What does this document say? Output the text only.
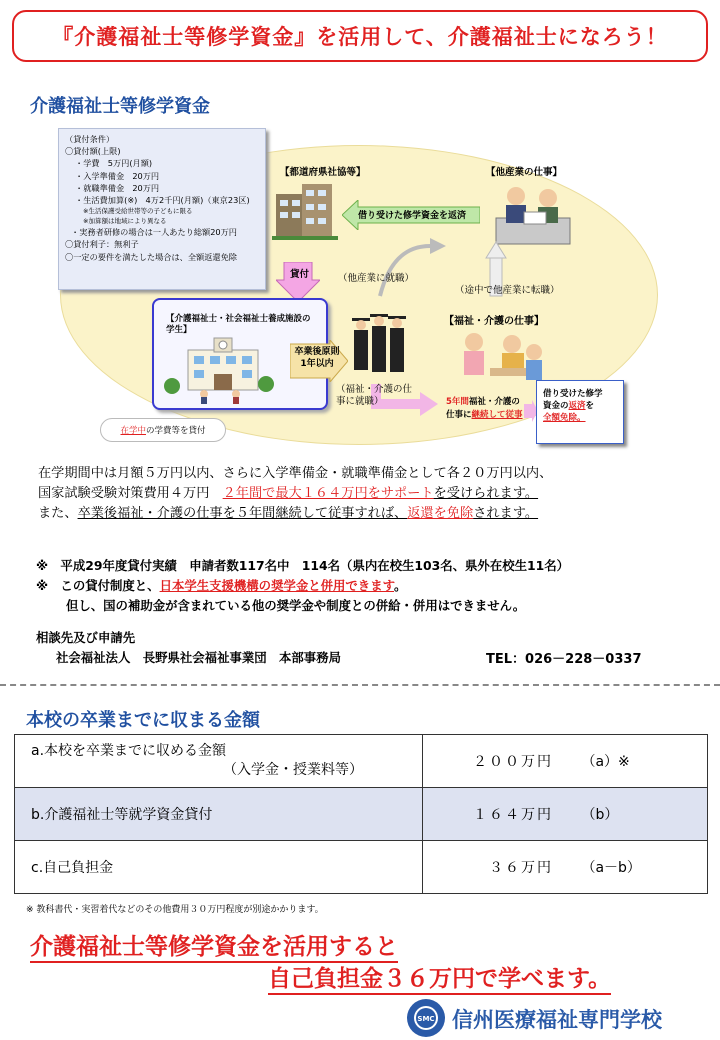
『介護福祉士等修学資金』を活用して、介護福祉士になろう！
介護福祉士等修学資金
（貸付条件）
〇貸付額(上限)
・学費　5万円(月額)
・入学準備金　20万円
・就職準備金　20万円
・生活費加算(※)　4万2千円(月額)（東京23区)
※生活保護受給世帯等の子どもに限る
※加算額は地域により異なる
・実務者研修の場合は一人あたり総額20万円
〇貸付利子：無利子
〇一定の要件を満たした場合は、全額返還免除
【都道府県社協等】
借り受けた修学資金を返済
【他産業の仕事】
貸付	（他産業に就職）
（途中で他産業に転職）
【介護福祉士・社会福祉士養成施設の学生】
卒業後原則1年以内
（福祉・介護の仕事に就職）
【福祉・介護の仕事】
5年間福祉・介護の
仕事に継続して従事
借り受けた修学
資金の返済を
全額免除。
在学中 の学費等を貸付
在学期間中は月額５万円以内、さらに入学準備金・就職準備金として各２０万円以内、
国家試験受験対策費用４万円　２年間で最大１６４万円をサポートを受けられます。
また、卒業後福祉・介護の仕事を５年間継続して従事すれば、返還を免除されます。
※　平成29年度貸付実績　申請者数117名中　114名（県内在校生103名、県外在校生11名）
※　この貸付制度と、日本学生支援機構の奨学金と併用できます。
但し、国の補助金が含まれている他の奨学金や制度との併給・併用はできません。
相談先及び申請先
社会福祉法人　長野県社会福祉事業団　本部事務局	TEL：026－228－0337
本校の卒業までに収まる金額
a.本校を卒業までに収める金額
（入学金・授業料等）	２００万円 （a）※

b.介護福祉士等就学資金貸付	１６４万円 （b）

c.自己負担金	３６万円 （a－b）
※ 教科書代・実習着代などのその他費用３０万円程度が別途かかります。
介護福祉士等修学資金を活用すると
自己負担金３６万円で学べます。
SMC 信州医療福祉専門学校
